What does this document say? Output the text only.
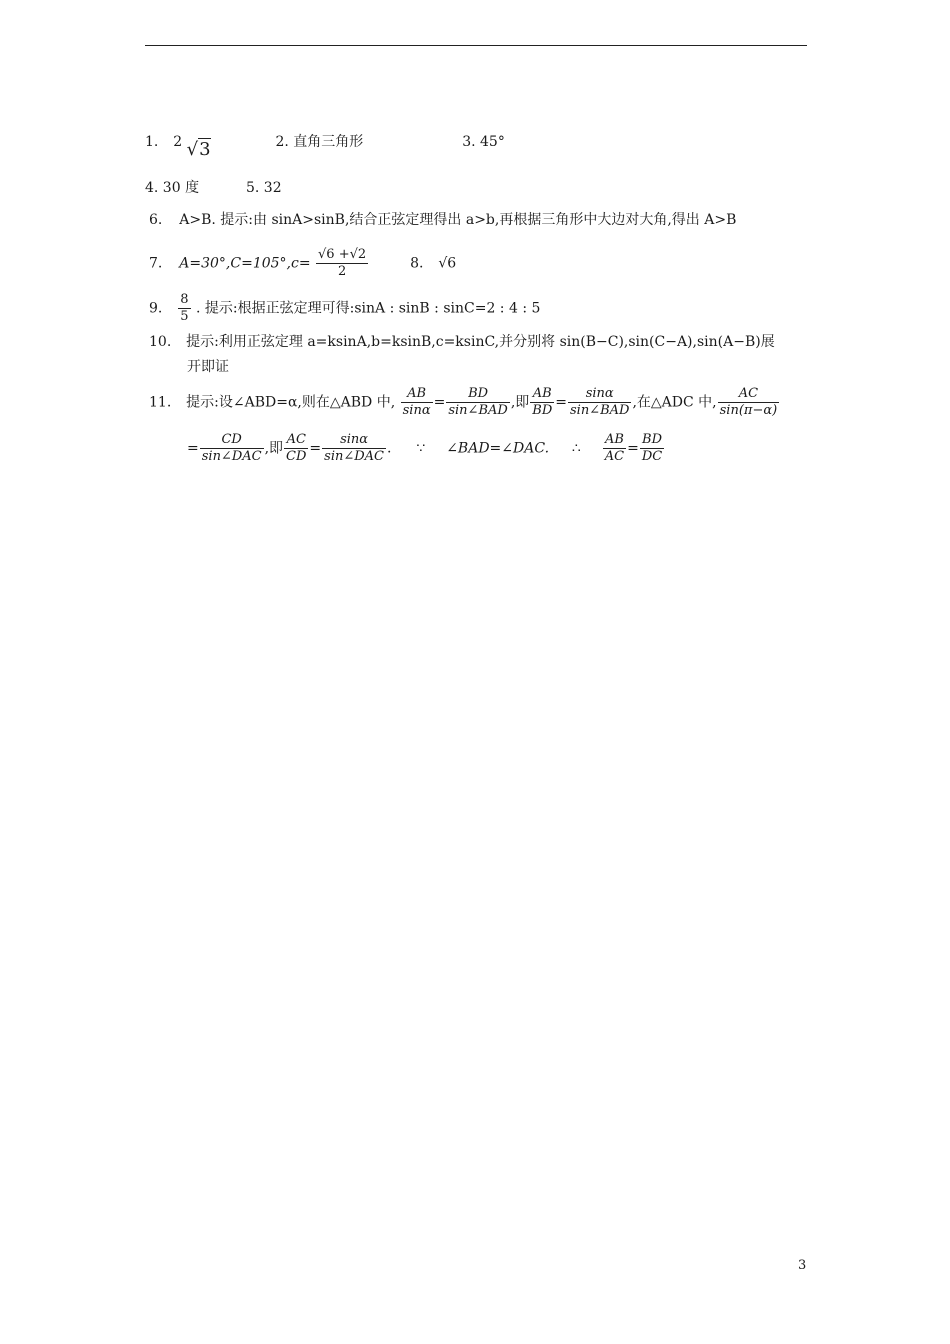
1. 2 √3	2. 直角三角形	3. 45°
4. 30 度	5. 32
6. A>B. 提示:由 sinA>sinB,结合正弦定理得出 a>b,再根据三角形中大边对大角,得出 A>B
7. $A=30^\circ,C=105^\circ,c= \frac{√6 +√2}{2}$	8. √6
9. $\frac{8}{5}$ . 提示:根据正弦定理可得:sinA : sinB : sinC=2 : 4 : 5
10. 提示:利用正弦定理 a=ksinA,b=ksinB,c=ksinC,并分别将 sin(B−C),sin(C−A),sin(A−B)展
开即证
11. 提示:设∠ABD=α,则在△ABD 中, $\frac{AB}{\sin\alpha} = \frac{BD}{\text{sin∠BAD}}$ ,即 $\frac{AB}{BD} = \frac{\sin\alpha}{\text{sin∠BAD}}$ ,在△ADC 中, $\frac{AC}{\sin(\pi-\alpha)}$
= $\frac{CD}{\text{sin∠DAC}}$ ,即 $\frac{AC}{CD} = \frac{\sin\alpha}{\text{sin∠DAC}}$ . ∵ ∠BAD=∠DAC. ∴ $\frac{AB}{AC} = \frac{BD}{DC}$
3
